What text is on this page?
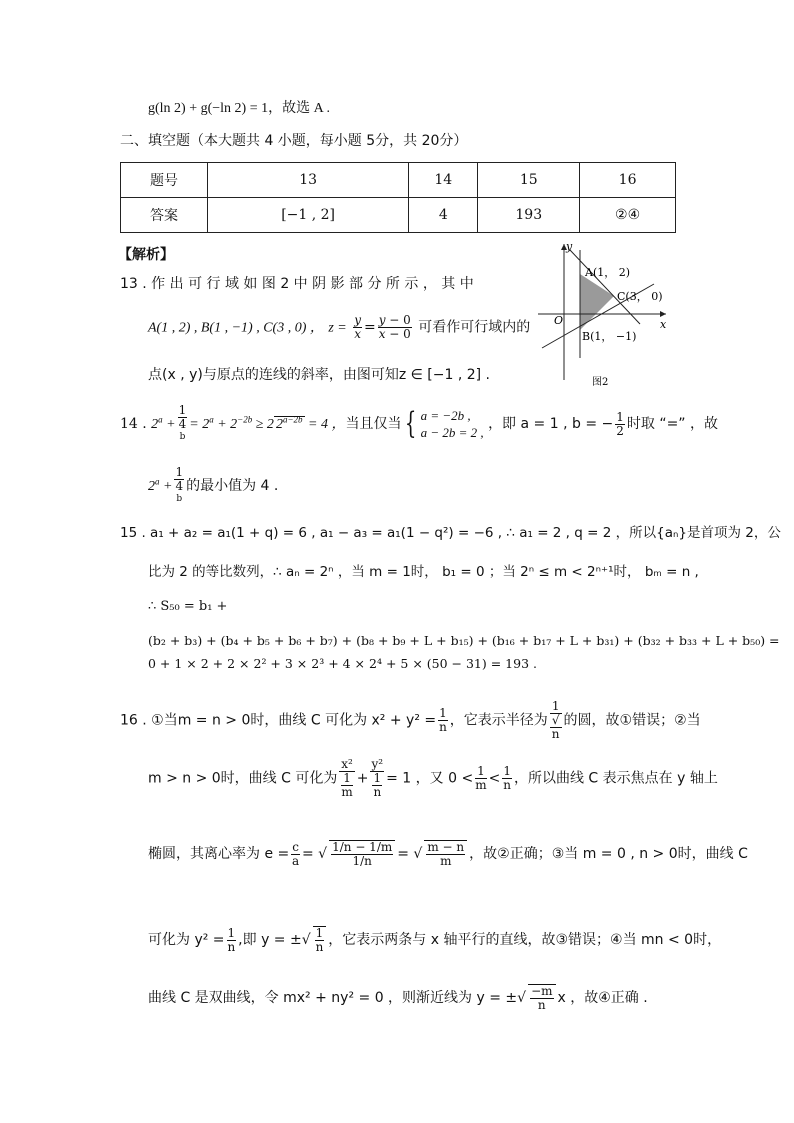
g(ln 2) + g(−ln 2) = 1，故选 A .
二、填空题（本大题共 4 小题，每小题 5分，共 20分）
题号	13	14	15	16
答案	[−1 , 2]	4	193	②④
【解析】
13 . 作 出 可 行 域 如 图 2 中 阴 影 部 分 所 示 ， 其 中
A(1 , 2) , B(1 , −1) , C(3 , 0) ， $z = \frac{y}{x} = \frac{y - 0}{x - 0}$ 可看作可行域内的
点(x , y)与原点的连线的斜率，由图可知z ∈ [−1 , 2] .
y
x
O
A(1， 2)
C(3， 0)
B(1， −1)
图2
14 . $2^a + 1$
4
$b = 2^a + 2^{-2b} \ge 2$ $2^{a-2b} = 4$ ，当且仅当 { a = −2b ,
a − 2b = 2 ,
，即 a = 1 , b = − $\frac{1}{2}$ 时取 “=” ，故
$2^a + 1$
4
b 的最小值为 4 .
15 . a₁ + a₂ = a₁(1 + q) = 6 , a₁ − a₃ = a₁(1 − q²) = −6 , ∴ a₁ = 2 , q = 2 ，所以{aₙ}是首项为 2，公
比为 2 的等比数列，∴ aₙ = 2ⁿ ，当 m = 1时， b₁ = 0 ；当 2ⁿ ≤ m < 2ⁿ⁺¹时， bₘ = n ,
∴ S₅₀ = b₁ +
(b₂ + b₃) + (b₄ + b₅ + b₆ + b₇) + (b₈ + b₉ + L + b₁₅) + (b₁₆ + b₁₇ + L + b₃₁) + (b₃₂ + b₃₃ + L + b₅₀) =
0 + 1 × 2 + 2 × 2² + 3 × 2³ + 4 × 2⁴ + 5 × (50 − 31) = 193 .
16 . ①当m = n > 0时，曲线 C 可化为 $x^2 + y^2 = \frac{1}{n}$ ，它表示半径为 1
√
n 的圆，故①错误；②当
m > n > 0时，曲线 C 可化为 x²
1
m + y²
1
n = 1 ，又 $0 < \frac{1}{m} < \frac{1}{n}$ ，所以曲线 C 表示焦点在 y 轴上
椭圆，其离心率为 $e = \frac{c}{a}$ = √ $\frac{1/n - 1/m}{1/n}$ = √ $\frac{m - n}{m}$ ，故②正确；③当 m = 0 , n > 0时，曲线 C
可化为 $y^2 = \frac{1}{n}$ ,即 y = ±√ $\frac{1}{n}$ ，它表示两条与 x 轴平行的直线，故③错误；④当 mn < 0时，
曲线 C 是双曲线，令 mx² + ny² = 0 ，则渐近线为 y = ±√ $\frac{-m}{n}$ x ，故④正确 .
